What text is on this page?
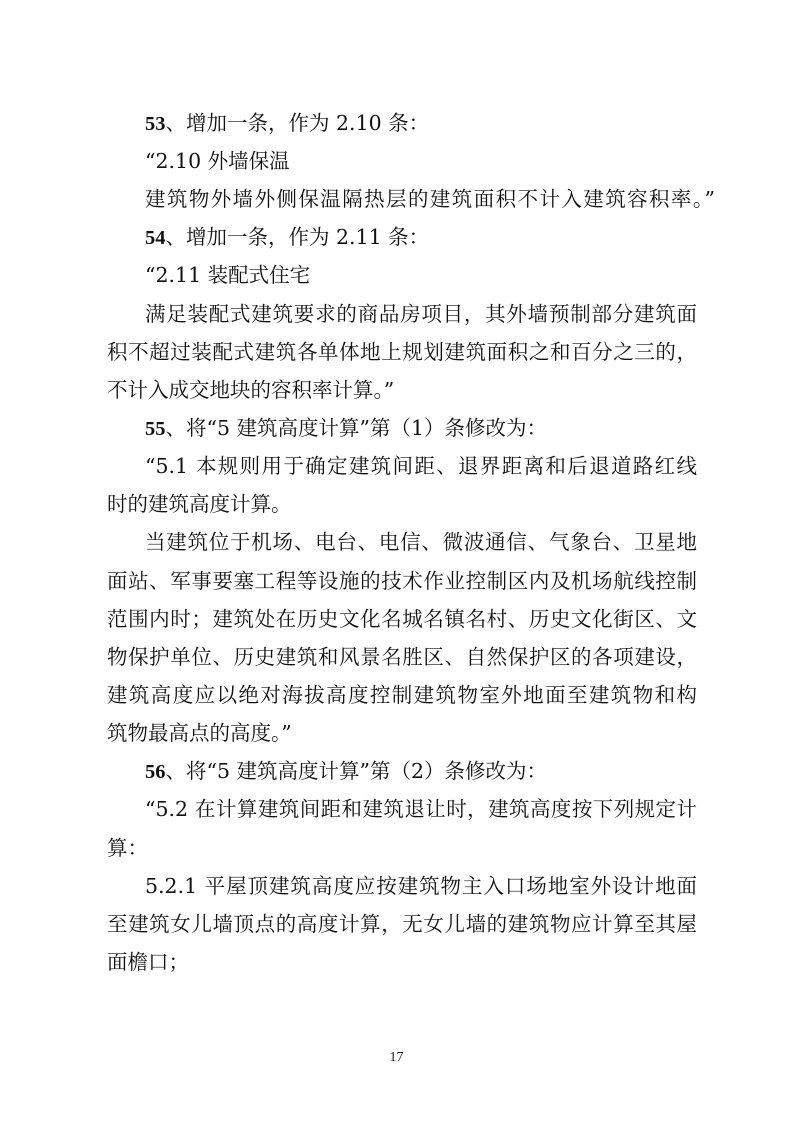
53、增加一条，作为 2.10 条：
“2.10 外墙保温
建筑物外墙外侧保温隔热层的建筑面积不计入建筑容积率。”
54、增加一条，作为 2.11 条：
“2.11 装配式住宅
满足装配式建筑要求的商品房项目，其外墙预制部分建筑面
积不超过装配式建筑各单体地上规划建筑面积之和百分之三的，
不计入成交地块的容积率计算。”
55、将“5 建筑高度计算”第（1）条修改为：
“5.1 本规则用于确定建筑间距、退界距离和后退道路红线
时的建筑高度计算。
当建筑位于机场、电台、电信、微波通信、气象台、卫星地
面站、军事要塞工程等设施的技术作业控制区内及机场航线控制
范围内时；建筑处在历史文化名城名镇名村、历史文化街区、文
物保护单位、历史建筑和风景名胜区、自然保护区的各项建设，
建筑高度应以绝对海拔高度控制建筑物室外地面至建筑物和构
筑物最高点的高度。”
56、将“5 建筑高度计算”第（2）条修改为：
“5.2 在计算建筑间距和建筑退让时，建筑高度按下列规定计
算：
5.2.1 平屋顶建筑高度应按建筑物主入口场地室外设计地面
至建筑女儿墙顶点的高度计算，无女儿墙的建筑物应计算至其屋
面檐口；
17
